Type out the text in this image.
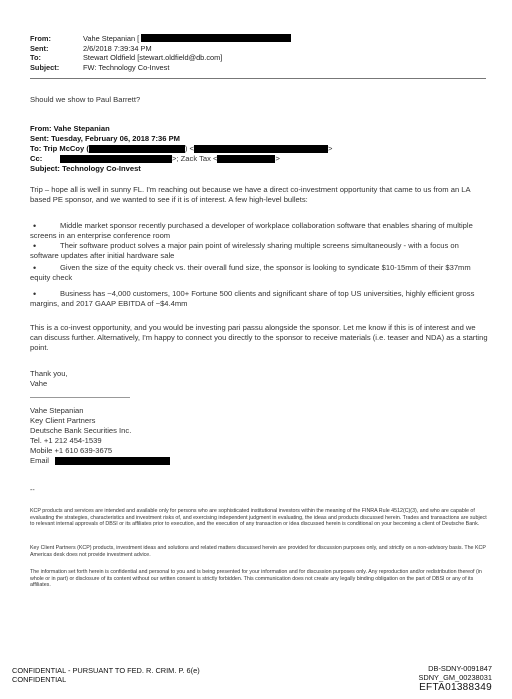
From:	Vahe Stepanian [
Sent:	2/6/2018 7:39:34 PM
To:	Stewart Oldfield [stewart.oldfield@db.com]
Subject:	FW: Technology Co-Invest
Should we show to Paul Barrett?
From: Vahe Stepanian
Sent: Tuesday, February 06, 2018 7:36 PM
To: Trip McCoy (	) <	>
Cc:	>; Zack Tax <	>
Subject: Technology Co-Invest
Trip – hope all is well in sunny FL. I'm reaching out because we have a direct co-investment opportunity that came to us from an LA based PE sponsor, and we wanted to see if it is of interest. A few high-level bullets:
•	Middle market sponsor recently purchased a developer of workplace collaboration software that enables sharing of multiple screens in an enterprise conference room
•	Their software product solves a major pain point of wirelessly sharing multiple screens simultaneously - with a focus on software updates after initial hardware sale
•	Given the size of the equity check vs. their overall fund size, the sponsor is looking to syndicate $10-15mm of their $37mm equity check
•	Business has ~4,000 customers, 100+ Fortune 500 clients and significant share of top US universities, highly efficient gross margins, and 2017 GAAP EBITDA of ~$4.4mm
This is a co-invest opportunity, and you would be investing pari passu alongside the sponsor. Let me know if this is of interest and we can discuss further. Alternatively, I'm happy to connect you directly to the sponsor to receive materials (i.e. teaser and NDA) as a starting point.
Thank you,
Vahe
Vahe Stepanian
Key Client Partners
Deutsche Bank Securities Inc.
Tel. +1 212 454-1539
Mobile +1 610 639-3675
Email
--
KCP products and services are intended and available only for persons who are sophisticated institutional investors within the meaning of the FINRA Rule 4512(C)(3), and who are capable of evaluating the strategies, characteristics and investment risks of, and exercising independent judgment in evaluating, the ideas and products discussed herein. Trades and transactions are subject to relevant internal approvals of DBSI or its affiliates prior to execution, and the execution of any transaction or idea discussed herein is conditional on your becoming a client of Deutsche Bank.
Key Client Partners (KCP) products, investment ideas and solutions and related matters discussed herein are provided for discussion purposes only, and strictly on a non-advisory basis. The KCP Americas desk does not provide investment advice.
The information set forth herein is confidential and personal to you and is being presented for your information and for discussion purposes only. Any reproduction and/or redistribution thereof (in whole or in part) or disclosure of its content without our written consent is strictly forbidden. This communication does not create any legally binding obligation on the part of DBSI or any of its affiliates.
CONFIDENTIAL - PURSUANT TO FED. R. CRIM. P. 6(e)
CONFIDENTIAL
DB-SDNY-0091847
SDNY_GM_00238031
EFTA01388349
